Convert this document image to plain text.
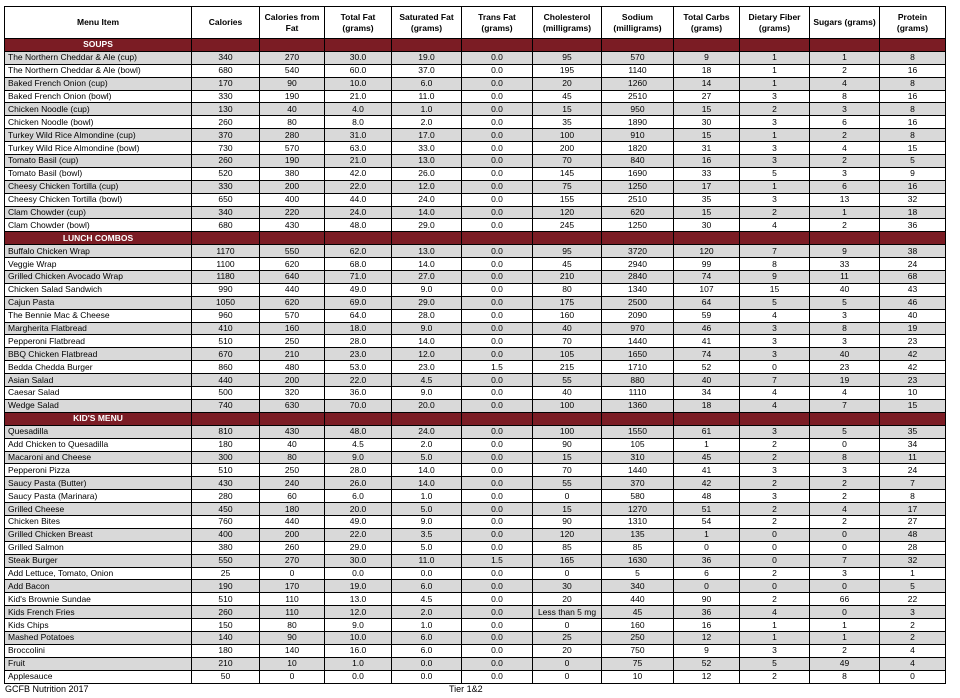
Menu Item	Calories	Calories from Fat	Total Fat (grams)	Saturated Fat (grams)	Trans Fat (grams)	Cholesterol (milligrams)	Sodium (milligrams)	Total Carbs (grams)	Dietary Fiber (grams)	Sugars (grams)	Protein (grams)
SOUPS											
The Northern Cheddar & Ale (cup)	340	270	30.0	19.0	0.0	95	570	9	1	1	8
The Northern Cheddar & Ale (bowl)	680	540	60.0	37.0	0.0	195	1140	18	1	2	16
Baked French Onion (cup)	170	90	10.0	6.0	0.0	20	1260	14	1	4	8
Baked French Onion (bowl)	330	190	21.0	11.0	0.0	45	2510	27	3	8	16
Chicken Noodle (cup)	130	40	4.0	1.0	0.0	15	950	15	2	3	8
Chicken Noodle (bowl)	260	80	8.0	2.0	0.0	35	1890	30	3	6	16
Turkey Wild Rice Almondine (cup)	370	280	31.0	17.0	0.0	100	910	15	1	2	8
Turkey Wild Rice Almondine (bowl)	730	570	63.0	33.0	0.0	200	1820	31	3	4	15
Tomato Basil (cup)	260	190	21.0	13.0	0.0	70	840	16	3	2	5
Tomato Basil (bowl)	520	380	42.0	26.0	0.0	145	1690	33	5	3	9
Cheesy Chicken Tortilla (cup)	330	200	22.0	12.0	0.0	75	1250	17	1	6	16
Cheesy Chicken Tortilla (bowl)	650	400	44.0	24.0	0.0	155	2510	35	3	13	32
Clam Chowder (cup)	340	220	24.0	14.0	0.0	120	620	15	2	1	18
Clam Chowder (bowl)	680	430	48.0	29.0	0.0	245	1250	30	4	2	36
LUNCH COMBOS											
Buffalo Chicken Wrap	1170	550	62.0	13.0	0.0	95	3720	120	7	9	38
Veggie Wrap	1100	620	68.0	14.0	0.0	45	2940	99	8	33	24
Grilled Chicken Avocado Wrap	1180	640	71.0	27.0	0.0	210	2840	74	9	11	68
Chicken Salad Sandwich	990	440	49.0	9.0	0.0	80	1340	107	15	40	43
Cajun Pasta	1050	620	69.0	29.0	0.0	175	2500	64	5	5	46
The Bennie Mac & Cheese	960	570	64.0	28.0	0.0	160	2090	59	4	3	40
Margherita Flatbread	410	160	18.0	9.0	0.0	40	970	46	3	8	19
Pepperoni Flatbread	510	250	28.0	14.0	0.0	70	1440	41	3	3	23
BBQ Chicken Flatbread	670	210	23.0	12.0	0.0	105	1650	74	3	40	42
Bedda Chedda Burger	860	480	53.0	23.0	1.5	215	1710	52	0	23	42
Asian Salad	440	200	22.0	4.5	0.0	55	880	40	7	19	23
Caesar Salad	500	320	36.0	9.0	0.0	40	1110	34	4	4	10
Wedge Salad	740	630	70.0	20.0	0.0	100	1360	18	4	7	15
KID'S MENU											
Quesadilla	810	430	48.0	24.0	0.0	100	1550	61	3	5	35
Add Chicken to Quesadilla	180	40	4.5	2.0	0.0	90	105	1	2	0	34
Macaroni and Cheese	300	80	9.0	5.0	0.0	15	310	45	2	8	11
Pepperoni Pizza	510	250	28.0	14.0	0.0	70	1440	41	3	3	24
Saucy Pasta (Butter)	430	240	26.0	14.0	0.0	55	370	42	2	2	7
Saucy Pasta (Marinara)	280	60	6.0	1.0	0.0	0	580	48	3	2	8
Grilled Cheese	450	180	20.0	5.0	0.0	15	1270	51	2	4	17
Chicken Bites	760	440	49.0	9.0	0.0	90	1310	54	2	2	27
Grilled Chicken Breast	400	200	22.0	3.5	0.0	120	135	1	0	0	48
Grilled Salmon	380	260	29.0	5.0	0.0	85	85	0	0	0	28
Steak Burger	550	270	30.0	11.0	1.5	165	1630	36	0	7	32
Add Lettuce, Tomato, Onion	25	0	0.0	0.0	0.0	0	5	6	2	3	1
Add Bacon	190	170	19.0	6.0	0.0	30	340	0	0	0	5
Kid's Brownie Sundae	510	110	13.0	4.5	0.0	20	440	90	2	66	22
Kids French Fries	260	110	12.0	2.0	0.0	Less than 5 mg	45	36	4	0	3
Kids Chips	150	80	9.0	1.0	0.0	0	160	16	1	1	2
Mashed Potatoes	140	90	10.0	6.0	0.0	25	250	12	1	1	2
Broccolini	180	140	16.0	6.0	0.0	20	750	9	3	2	4
Fruit	210	10	1.0	0.0	0.0	0	75	52	5	49	4
Applesauce	50	0	0.0	0.0	0.0	0	10	12	2	8	0
GCFB Nutrition 2017	Tier 1&2
